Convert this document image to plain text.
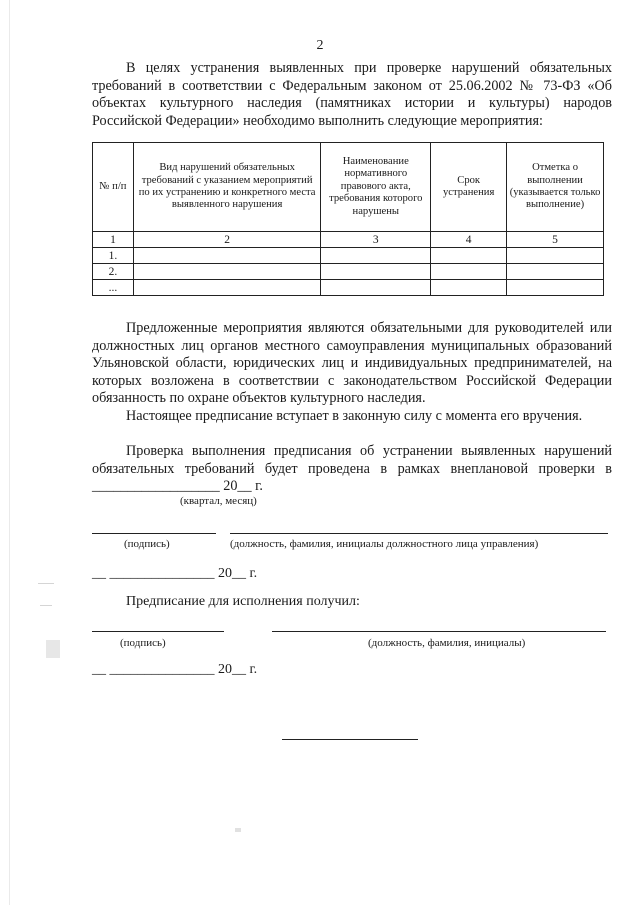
2

В целях устранения выявленных при проверке нарушений обязательных требований в соответствии с Федеральным законом от 25.06.2002 № 73-ФЗ «Об объектах культурного наследия (памятниках истории и культуры) народов Российской Федерации» необходимо выполнить следующие мероприятия:

№ п/п	Вид нарушений обязательных требований с указанием мероприятий по их устранению и конкретного места выявленного нарушения	Наименование нормативного правового акта, требования которого нарушены	Срок устранения	Отметка о выполнении (указывается только выполнение)
1	2	3	4	5
1.				
2.				
...				

Предложенные мероприятия являются обязательными для руководителей или должностных лиц органов местного самоуправления муниципальных образований Ульяновской области, юридических лиц и индивидуальных предпринимателей, на которых возложена в соответствии с законодательством Российской Федерации обязанность по охране объектов культурного наследия.

Настоящее предписание вступает в законную силу с момента его вручения.

Проверка выполнения предписания об устранении выявленных нарушений обязательных требований будет проведена в рамках внеплановой проверки в __________________ 20__ г.

(квартал, месяц)
(подпись)	(должность, фамилия, инициалы должностного лица управления)
__ _______________ 20__ г.
Предписание для исполнения получил:
(подпись)	(должность, фамилия, инициалы)
__ _______________ 20__ г.
